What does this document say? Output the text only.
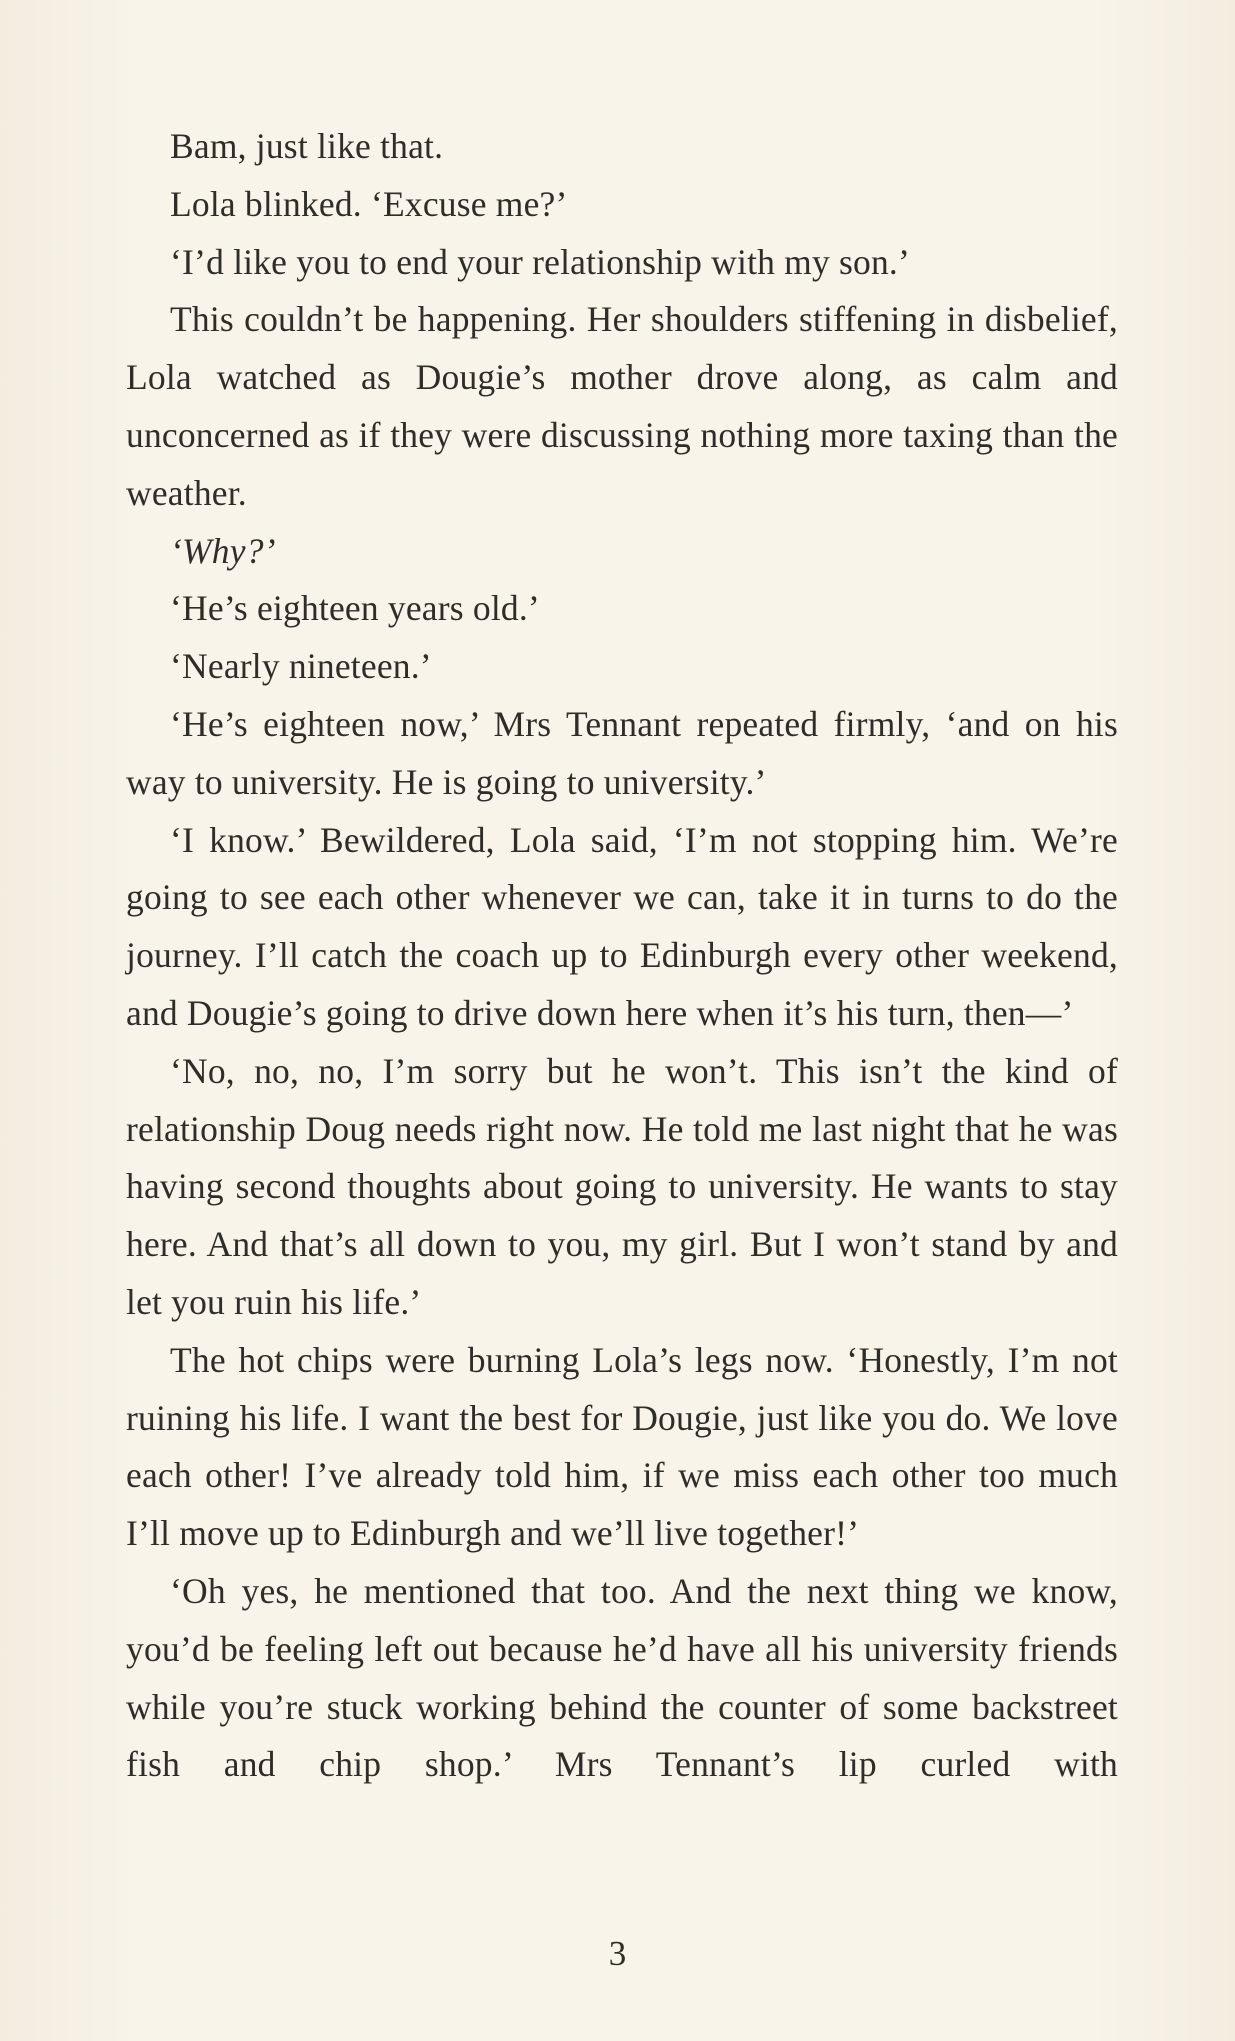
Bam, just like that.

Lola blinked. ‘Excuse me?’

‘I’d like you to end your relationship with my son.’

This couldn’t be happening. Her shoulders stiffening in disbelief, Lola watched as Dougie’s mother drove along, as calm and unconcerned as if they were discussing nothing more taxing than the weather.

‘Why?’

‘He’s eighteen years old.’

‘Nearly nineteen.’

‘He’s eighteen now,’ Mrs Tennant repeated firmly, ‘and on his way to university. He is going to university.’

‘I know.’ Bewildered, Lola said, ‘I’m not stopping him. We’re going to see each other whenever we can, take it in turns to do the journey. I’ll catch the coach up to Edinburgh every other weekend, and Dougie’s going to drive down here when it’s his turn, then—’

‘No, no, no, I’m sorry but he won’t. This isn’t the kind of relationship Doug needs right now. He told me last night that he was having second thoughts about going to university. He wants to stay here. And that’s all down to you, my girl. But I won’t stand by and let you ruin his life.’

The hot chips were burning Lola’s legs now. ‘Honestly, I’m not ruining his life. I want the best for Dougie, just like you do. We love each other! I’ve already told him, if we miss each other too much I’ll move up to Edinburgh and we’ll live together!’

‘Oh yes, he mentioned that too. And the next thing we know, you’d be feeling left out because he’d have all his university friends while you’re stuck working behind the counter of some backstreet fish and chip shop.’ Mrs Tennant’s lip curled with

3
